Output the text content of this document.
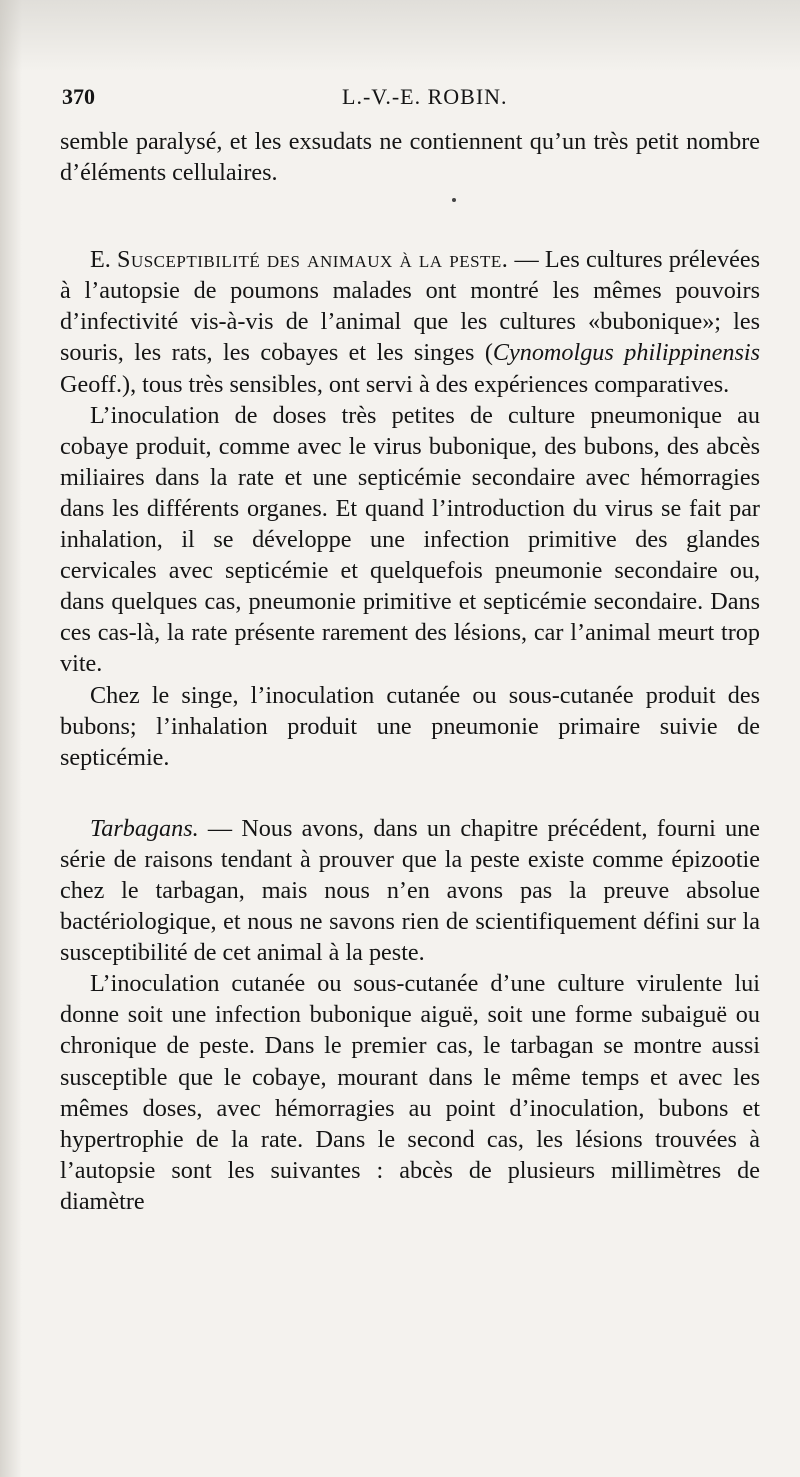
370	L.-V.-E. ROBIN.

semble paralysé, et les exsudats ne contiennent qu’un très petit nombre d’éléments cellulaires.

E. Susceptibilité des animaux à la peste. — Les cultures prélevées à l’autopsie de poumons malades ont montré les mêmes pouvoirs d’infectivité vis-à-vis de l’animal que les cultures «bubonique»; les souris, les rats, les cobayes et les singes (Cynomolgus philippinensis Geoff.), tous très sensibles, ont servi à des expériences comparatives.

L’inoculation de doses très petites de culture pneumonique au cobaye produit, comme avec le virus bubonique, des bubons, des abcès miliaires dans la rate et une septicémie secondaire avec hémorragies dans les différents organes. Et quand l’introduction du virus se fait par inhalation, il se développe une infection primitive des glandes cervicales avec septicémie et quelquefois pneumonie secondaire ou, dans quelques cas, pneumonie primitive et septicémie secondaire. Dans ces cas-là, la rate présente rarement des lésions, car l’animal meurt trop vite.

Chez le singe, l’inoculation cutanée ou sous-cutanée produit des bubons; l’inhalation produit une pneumonie primaire suivie de septicémie.

Tarbagans. — Nous avons, dans un chapitre précédent, fourni une série de raisons tendant à prouver que la peste existe comme épizootie chez le tarbagan, mais nous n’en avons pas la preuve absolue bactériologique, et nous ne savons rien de scientifiquement défini sur la susceptibilité de cet animal à la peste.

L’inoculation cutanée ou sous-cutanée d’une culture virulente lui donne soit une infection bubonique aiguë, soit une forme subaiguë ou chronique de peste. Dans le premier cas, le tarbagan se montre aussi susceptible que le cobaye, mourant dans le même temps et avec les mêmes doses, avec hémorragies au point d’inoculation, bubons et hypertrophie de la rate. Dans le second cas, les lésions trouvées à l’autopsie sont les suivantes : abcès de plusieurs millimètres de diamètre
